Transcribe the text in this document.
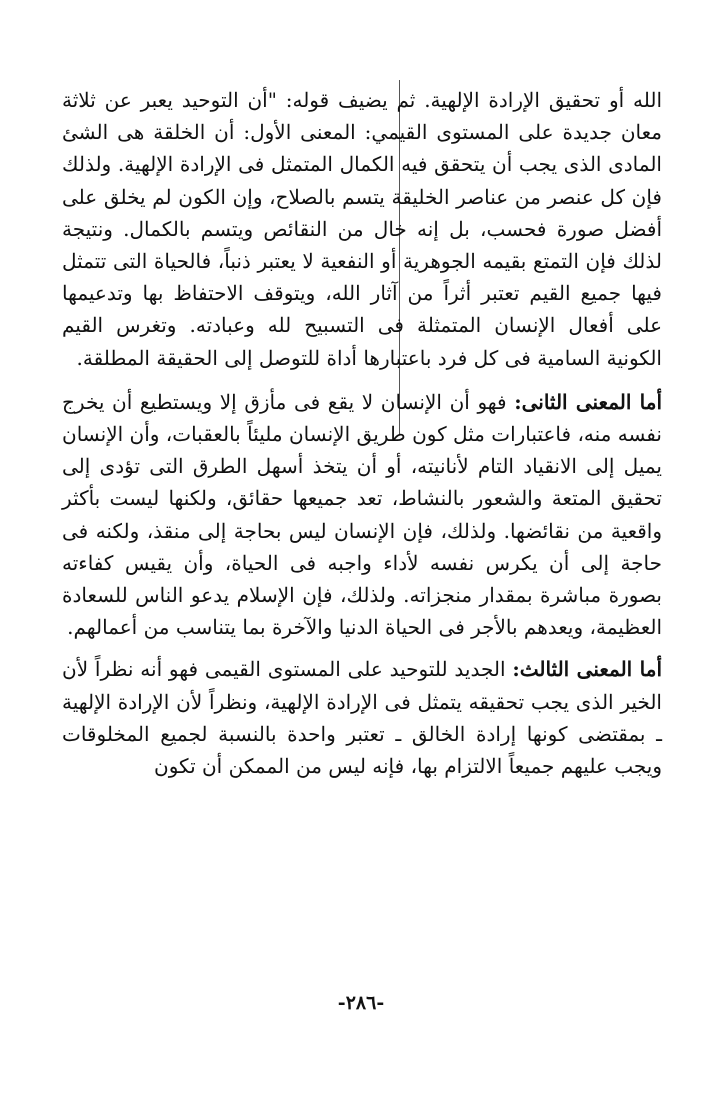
الله أو تحقيق الإرادة الإلهية. ثم يضيف قوله: "أن التوحيد يعبر عن ثلاثة معان جديدة على المستوى القيمي: المعنى الأول: أن الخلقة هى الشئ المادى الذى يجب أن يتحقق فيه الكمال المتمثل فى الإرادة الإلهية. ولذلك فإن كل عنصر من عناصر الخليقة يتسم بالصلاح، وإن الكون لم يخلق على أفضل صورة فحسب، بل إنه خال من النقائص ويتسم بالكمال. ونتيجة لذلك فإن التمتع بقيمه الجوهرية أو النفعية لا يعتبر ذنباً، فالحياة التى تتمثل فيها جميع القيم تعتبر أثراً من آثار الله، ويتوقف الاحتفاظ بها وتدعيمها على أفعال الإنسان المتمثلة فى التسبيح لله وعبادته. وتغرس القيم الكونية السامية فى كل فرد باعتبارها أداة للتوصل إلى الحقيقة المطلقة.

أما المعنى الثانى: فهو أن الإنسان لا يقع فى مأزق إلا ويستطيع أن يخرج نفسه منه، فاعتبارات مثل كون طريق الإنسان مليئاً بالعقبات، وأن الإنسان يميل إلى الانقياد التام لأنانيته، أو أن يتخذ أسهل الطرق التى تؤدى إلى تحقيق المتعة والشعور بالنشاط، تعد جميعها حقائق، ولكنها ليست بأكثر واقعية من نقائضها. ولذلك، فإن الإنسان ليس بحاجة إلى منقذ، ولكنه فى حاجة إلى أن يكرس نفسه لأداء واجبه فى الحياة، وأن يقيس كفاءته بصورة مباشرة بمقدار منجزاته. ولذلك، فإن الإسلام يدعو الناس للسعادة العظيمة، ويعدهم بالأجر فى الحياة الدنيا والآخرة بما يتناسب من أعمالهم.

أما المعنى الثالث: الجديد للتوحيد على المستوى القيمى فهو أنه نظراً لأن الخير الذى يجب تحقيقه يتمثل فى الإرادة الإلهية، ونظراً لأن الإرادة الإلهية ـ بمقتضى كونها إرادة الخالق ـ تعتبر واحدة بالنسبة لجميع المخلوقات ويجب عليهم جميعاً الالتزام بها، فإنه ليس من الممكن أن تكون

-٢٨٦-
